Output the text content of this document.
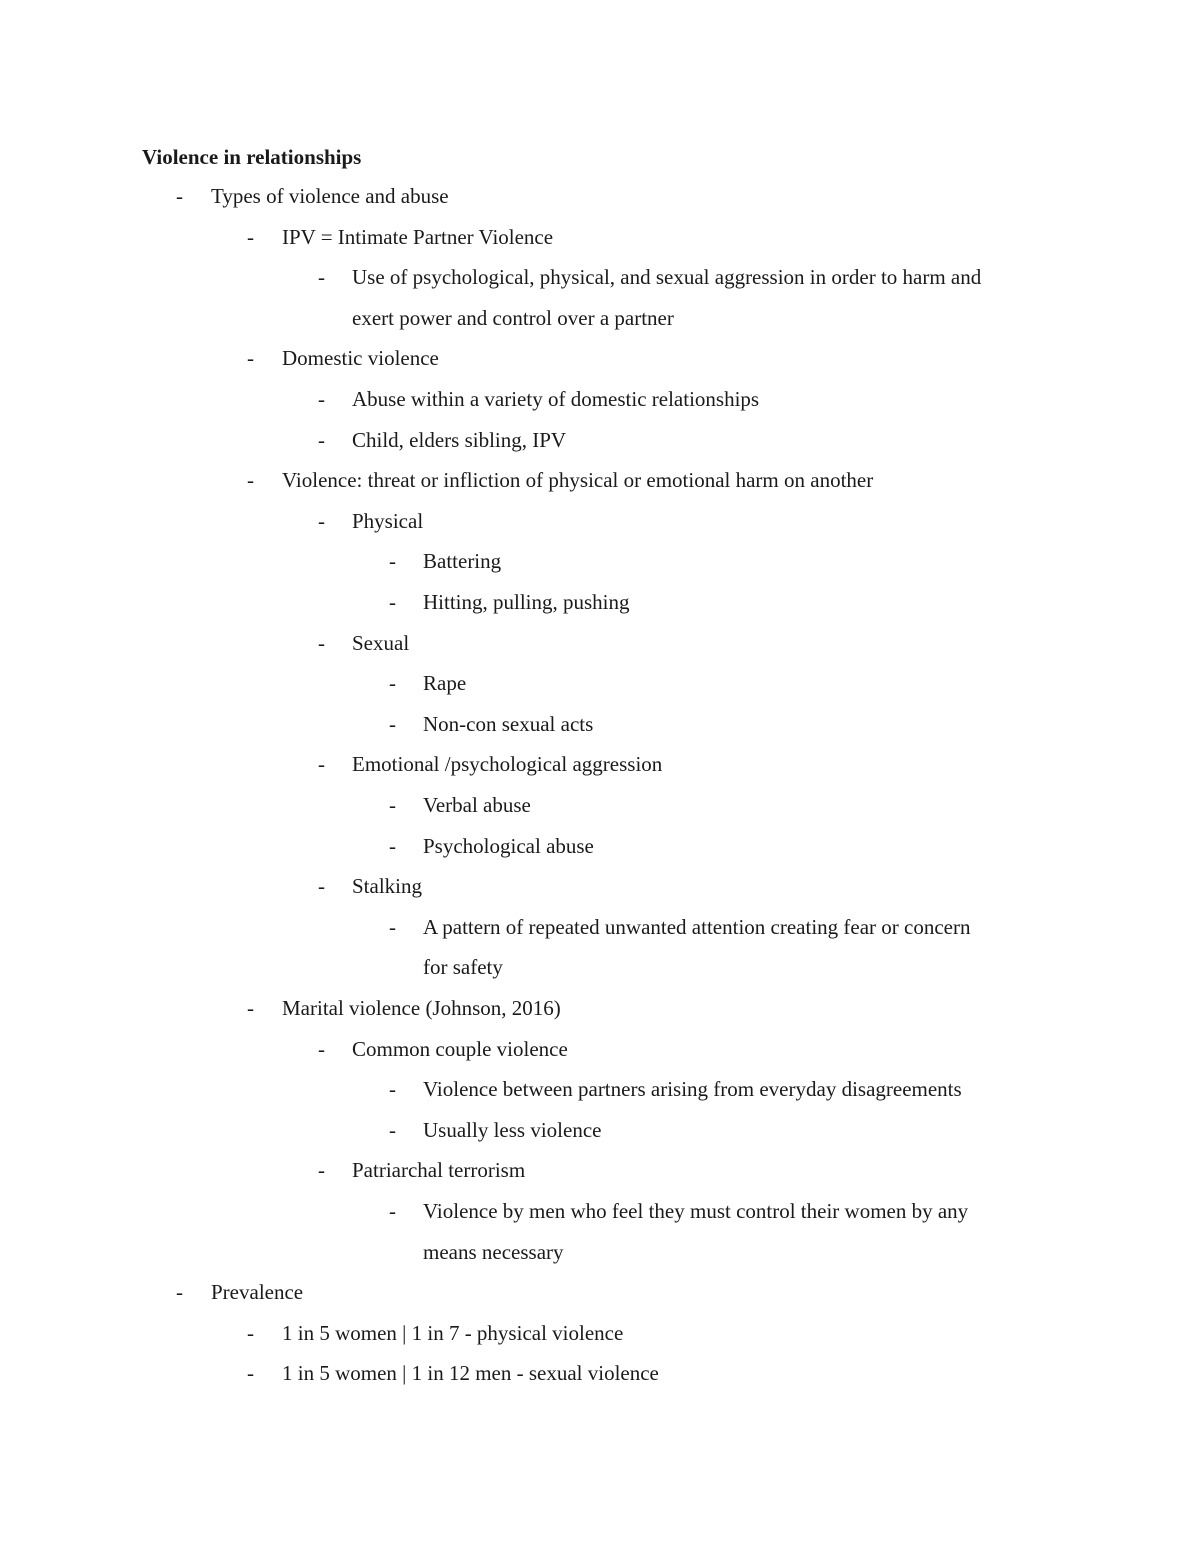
Violence in relationships
- Types of violence and abuse
- IPV = Intimate Partner Violence
- Use of psychological, physical, and sexual aggression in order to harm and
exert power and control over a partner
- Domestic violence
- Abuse within a variety of domestic relationships
- Child, elders sibling, IPV
- Violence: threat or infliction of physical or emotional harm on another
- Physical
- Battering
- Hitting, pulling, pushing
- Sexual
- Rape
- Non-con sexual acts
- Emotional /psychological aggression
- Verbal abuse
- Psychological abuse
- Stalking
- A pattern of repeated unwanted attention creating fear or concern
for safety
- Marital violence (Johnson, 2016)
- Common couple violence
- Violence between partners arising from everyday disagreements
- Usually less violence
- Patriarchal terrorism
- Violence by men who feel they must control their women by any
means necessary
- Prevalence
- 1 in 5 women | 1 in 7 - physical violence
- 1 in 5 women | 1 in 12 men - sexual violence
